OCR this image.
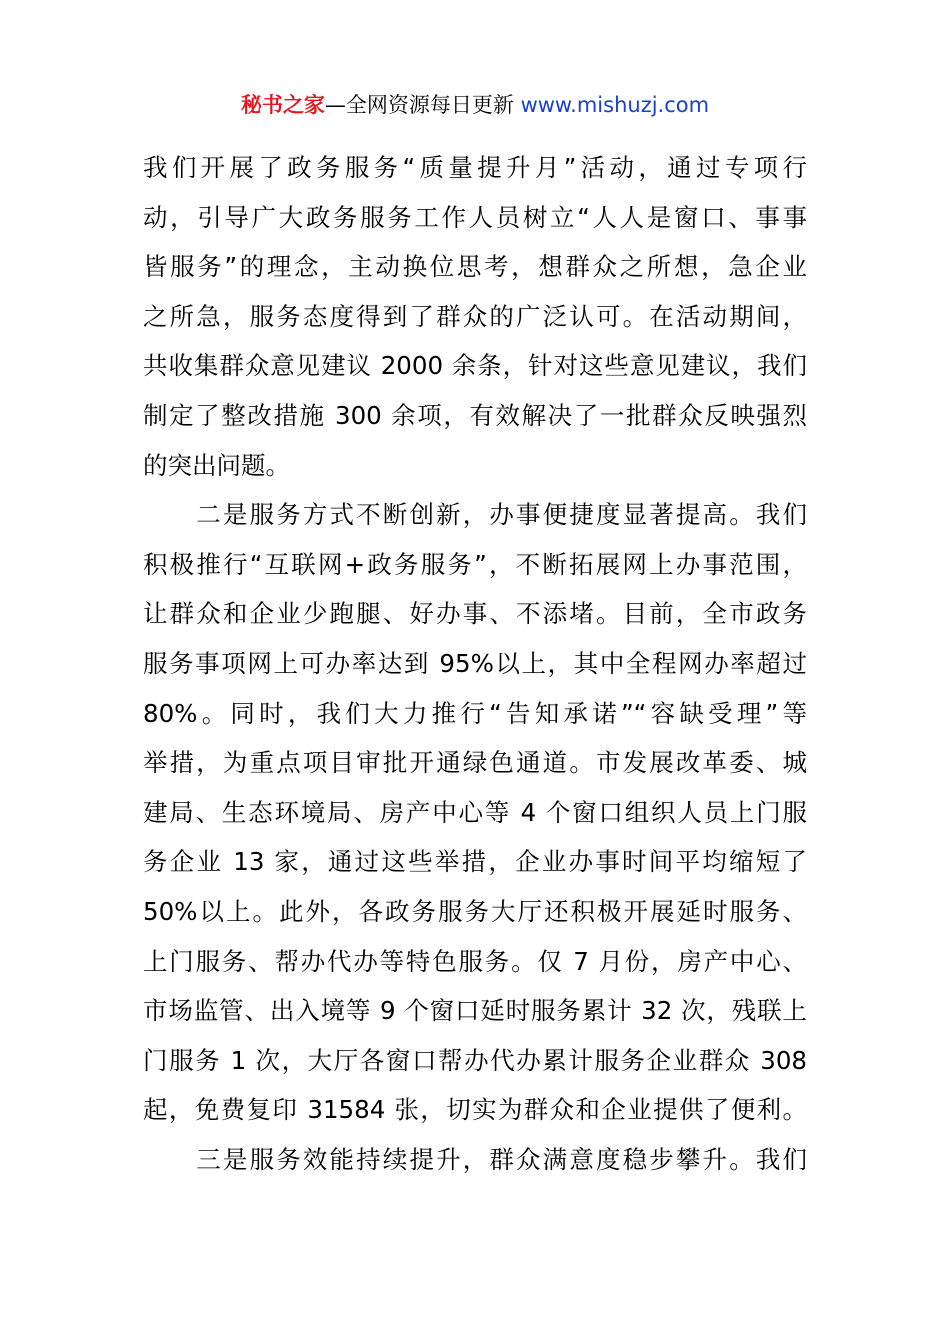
秘书之家—全网资源每日更新 www.mishuzj.com
我们开展了政务服务“质量提升月”活动，通过专项行
动，引导广大政务服务工作人员树立“人人是窗口、事事
皆服务”的理念，主动换位思考，想群众之所想，急企业
之所急，服务态度得到了群众的广泛认可。在活动期间，
共收集群众意见建议 2000 余条，针对这些意见建议，我们
制定了整改措施 300 余项，有效解决了一批群众反映强烈
的突出问题。
　　二是服务方式不断创新，办事便捷度显著提高。我们
积极推行“互联网+政务服务”，不断拓展网上办事范围，
让群众和企业少跑腿、好办事、不添堵。目前，全市政务
服务事项网上可办率达到 95%以上，其中全程网办率超过
80%。同时，我们大力推行“告知承诺”“容缺受理”等
举措，为重点项目审批开通绿色通道。市发展改革委、城
建局、生态环境局、房产中心等 4 个窗口组织人员上门服
务企业 13 家，通过这些举措，企业办事时间平均缩短了
50%以上。此外，各政务服务大厅还积极开展延时服务、
上门服务、帮办代办等特色服务。仅 7 月份，房产中心、
市场监管、出入境等 9 个窗口延时服务累计 32 次，残联上
门服务 1 次，大厅各窗口帮办代办累计服务企业群众 308
起，免费复印 31584 张，切实为群众和企业提供了便利。
　　三是服务效能持续提升，群众满意度稳步攀升。我们
